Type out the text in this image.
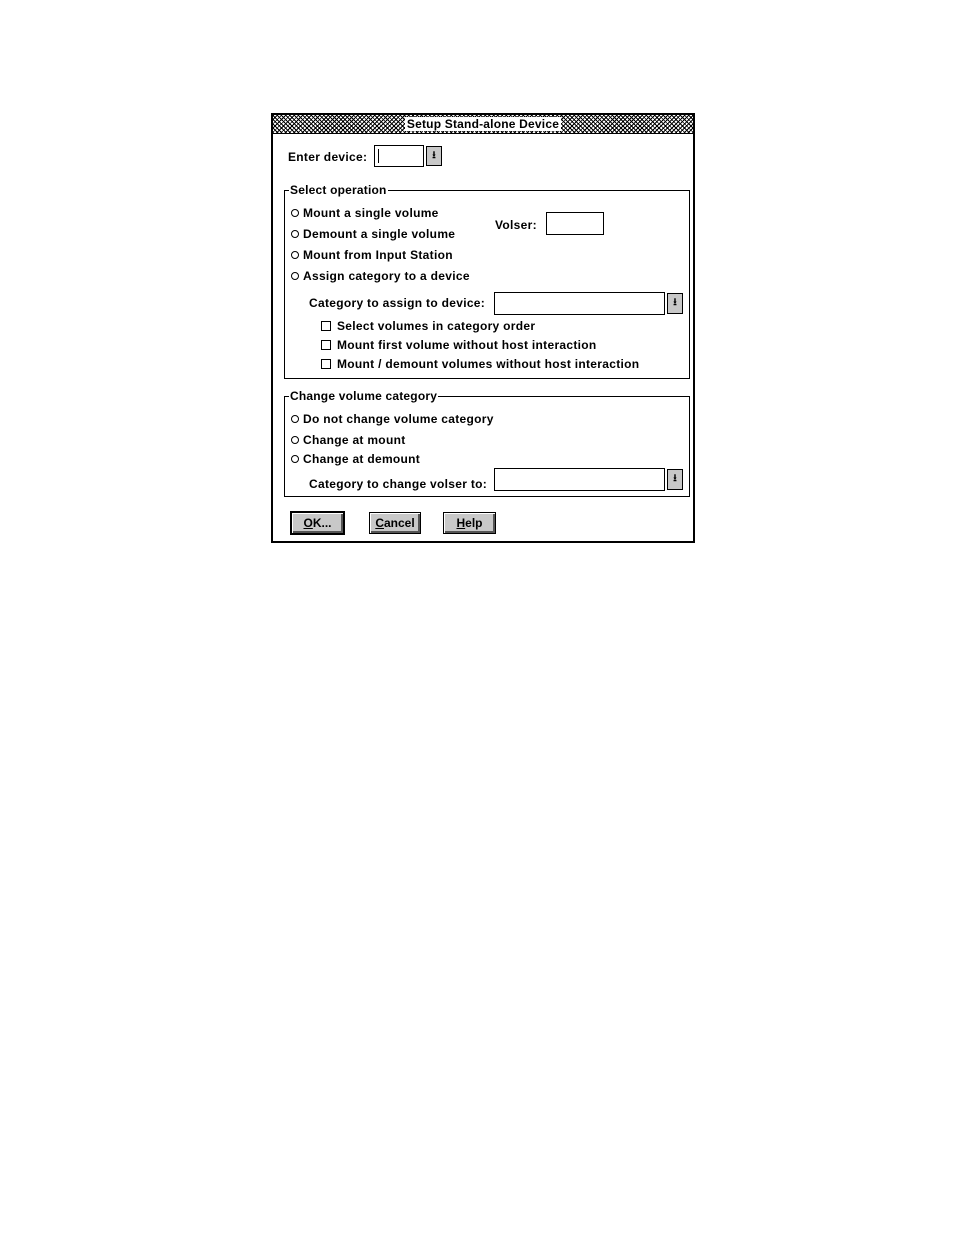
Setup Stand-alone Device
Enter device:	⭳
Select operation
Mount a single volume
Demount a single volume
Mount from Input Station
Assign category to a device
Volser:
Category to assign to device:	⭳
Select volumes in category order
Mount first volume without host interaction
Mount / demount volumes without host interaction
Change volume category
Do not change volume category
Change at mount
Change at demount
Category to change volser to:	⭳
OK...	Cancel	Help
